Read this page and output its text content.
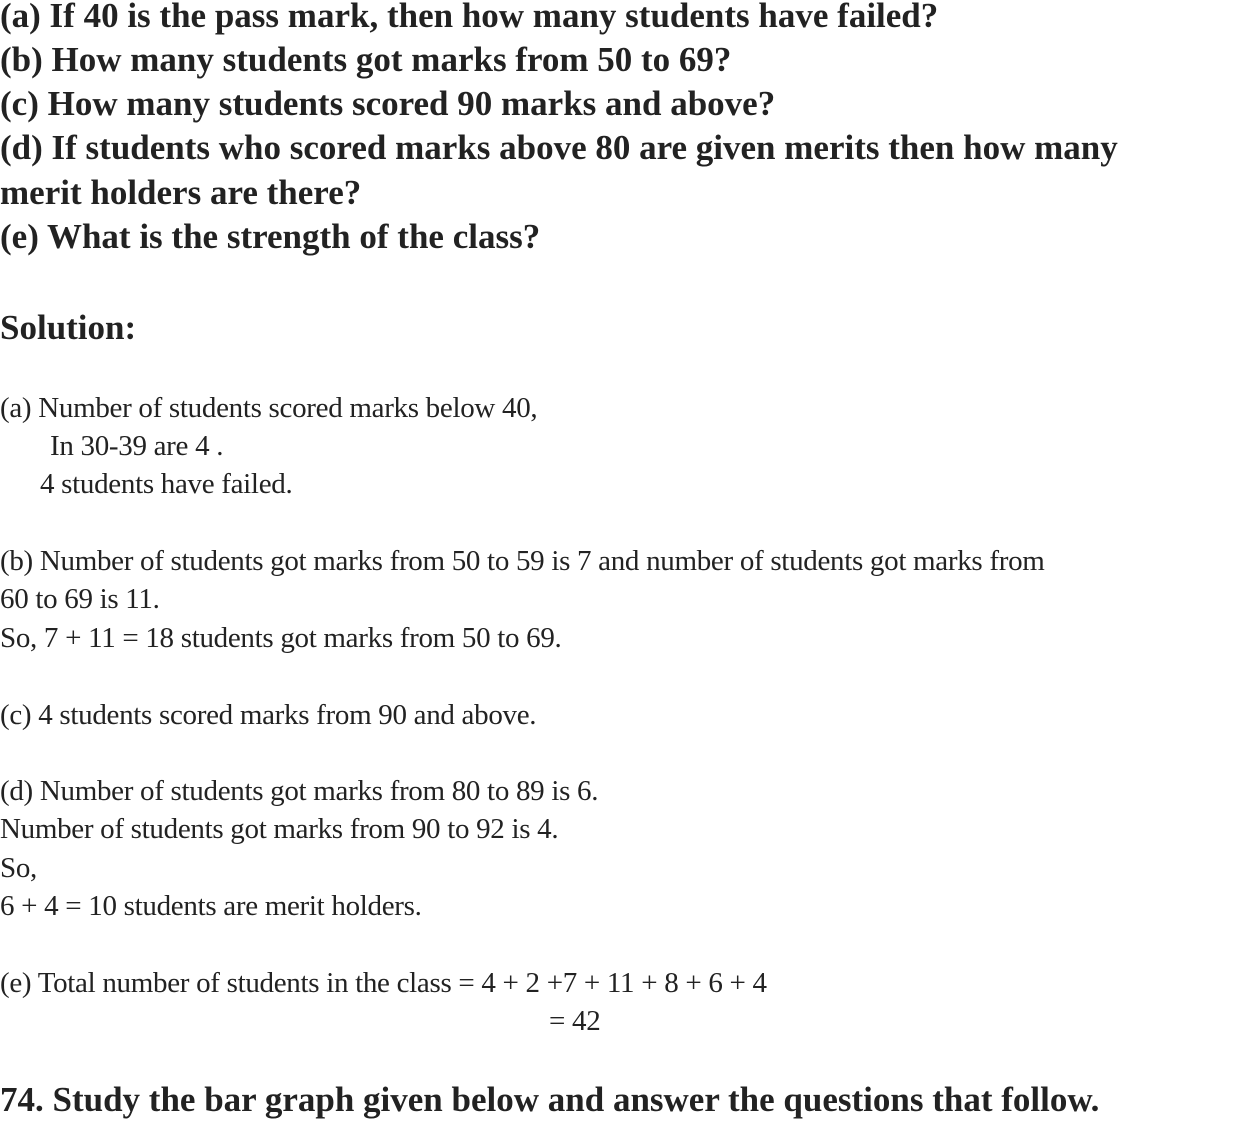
(a) If 40 is the pass mark, then how many students have failed?
(b) How many students got marks from 50 to 69?
(c) How many students scored 90 marks and above?
(d) If students who scored marks above 80 are given merits then how many
merit holders are there?
(e) What is the strength of the class?
Solution:
(a) Number of students scored marks below 40,
In 30-39 are 4 .
4 students have failed.
(b) Number of students got marks from 50 to 59 is 7 and number of students got marks from
60 to 69 is 11.
So, 7 + 11 = 18 students got marks from 50 to 69.
(c) 4 students scored marks from 90 and above.
(d) Number of students got marks from 80 to 89 is 6.
Number of students got marks from 90 to 92 is 4.
So,
6 + 4 = 10 students are merit holders.
(e) Total number of students in the class = 4 + 2 +7 + 11 + 8 + 6 + 4
= 42
74. Study the bar graph given below and answer the questions that follow.
